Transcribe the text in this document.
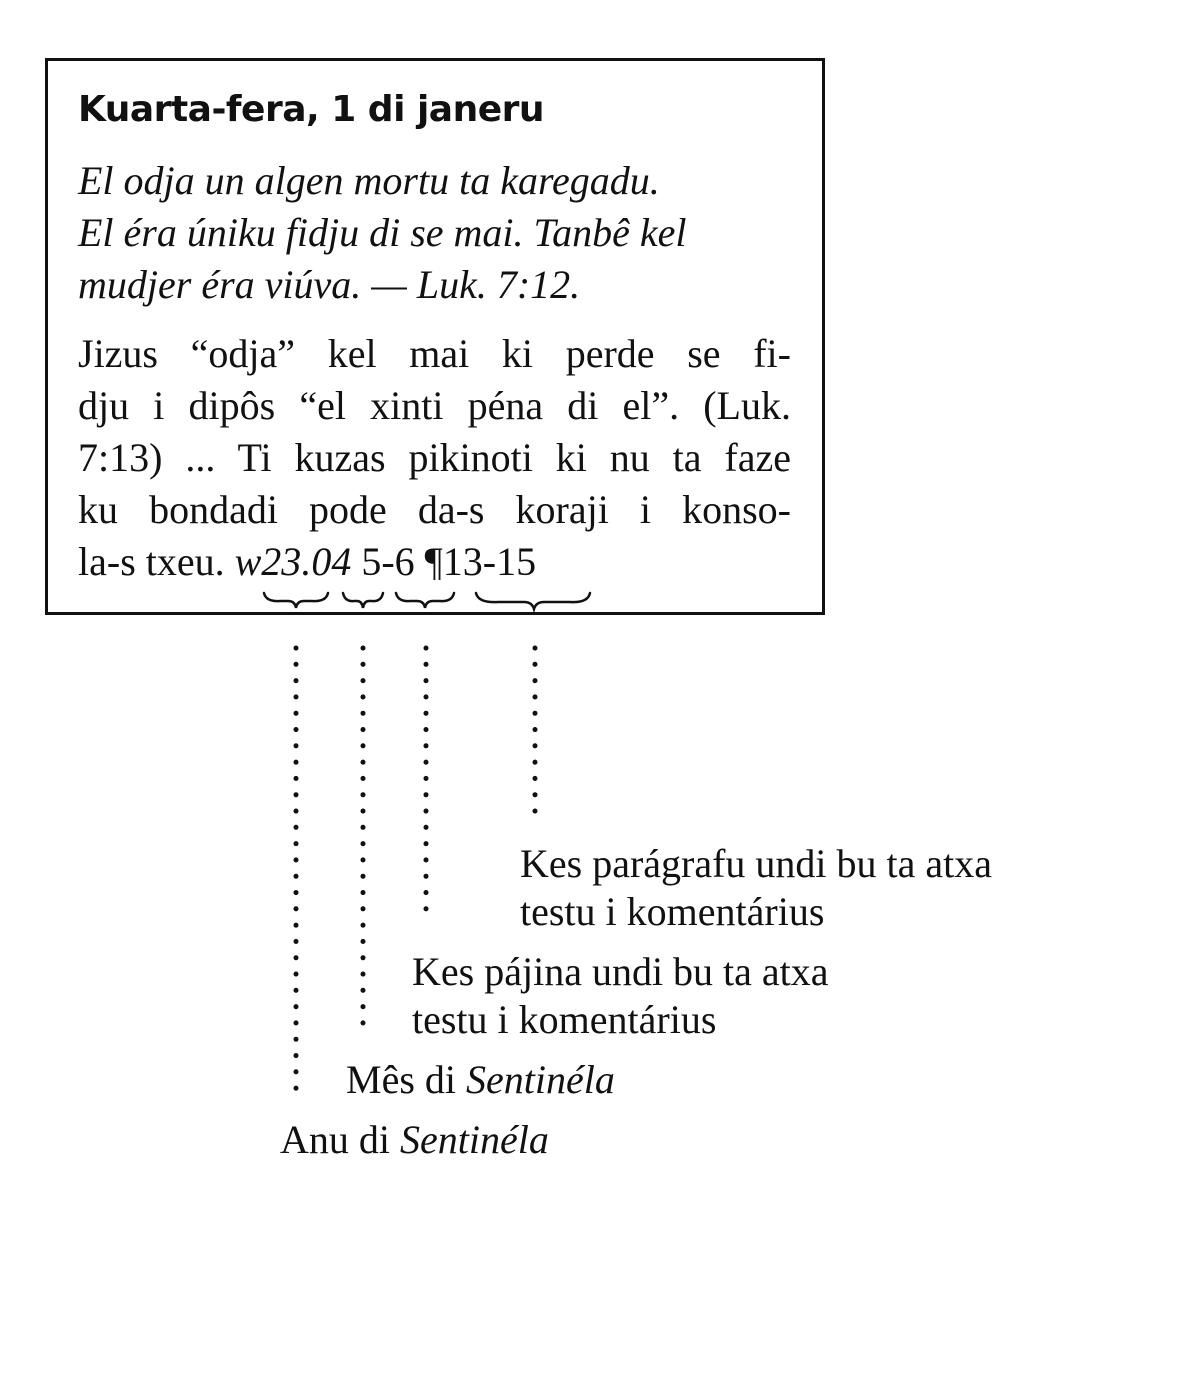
Kuarta-fera, 1 di janeru
El odja un algen mortu ta karegadu.
El éra úniku fidju di se mai. Tanbê kel
mudjer éra viúva. — Luk. 7:12.
Jizus “odja” kel mai ki perde se fi-
dju i dipôs “el xinti péna di el”. (Luk.
7:13) ... Ti kuzas pikinoti ki nu ta faze
ku bondadi pode da-s koraji i konso-
la-s txeu. w23.04 5-6 ¶13-15
Kes parágrafu undi bu ta atxa
testu i komentárius
Kes pájina undi bu ta atxa
testu i komentárius
Mês di Sentinéla
Anu di Sentinéla
